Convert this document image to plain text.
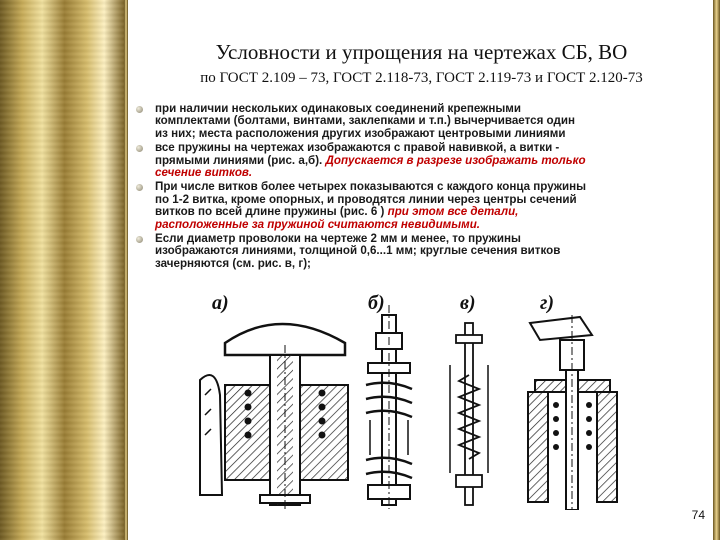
Условности и упрощения на чертежах СБ, ВО
по ГОСТ 2.109 – 73, ГОСТ 2.118-73, ГОСТ 2.119-73 и ГОСТ 2.120-73
при наличии нескольких одинаковых соединений крепежными
комплектами (болтами, винтами, заклепками и т.п.) вычерчивается один
из них; места расположения других изображают центровыми линиями
все пружины на чертежах изображаются с правой навивкой, а витки -
прямыми линиями (рис. а,б). Допускается в разрезе изображать только
сечение витков.
При числе витков более четырех показываются с каждого конца пружины
по 1-2 витка, кроме опорных, и проводятся линии через центры сечений
витков по всей длине пружины (рис. 6 ) при этом все детали,
расположенные за пружиной считаются невидимыми.
Если диаметр проволоки на чертеже 2 мм и менее, то пружины
изображаются линиями, толщиной 0,6...1 мм; круглые сечения витков
зачерняются (см. рис. в, г);
а)	б)	в)	г)
74
